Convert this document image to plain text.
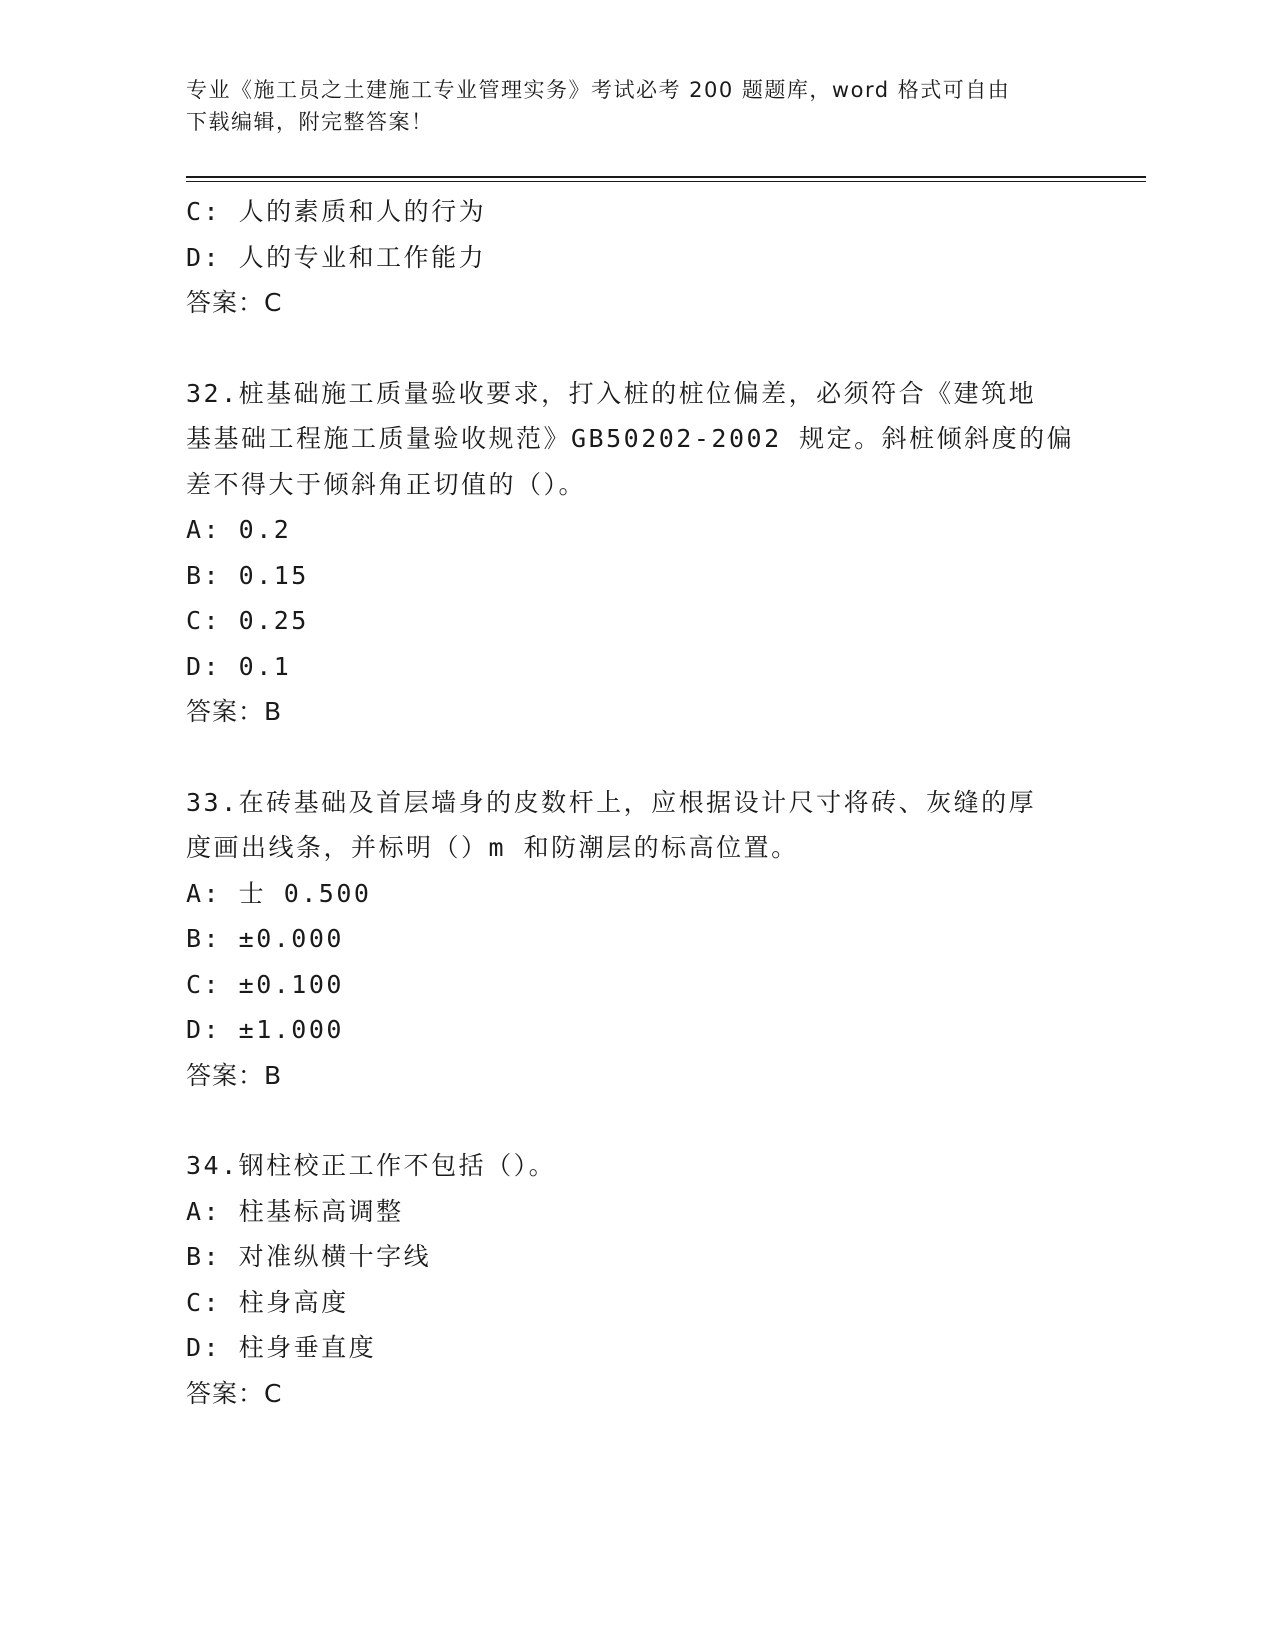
专业《施工员之土建施工专业管理实务》考试必考 200 题题库，word 格式可自由
下载编辑，附完整答案！
C: 人的素质和人的行为
D: 人的专业和工作能力
答案：C
32.桩基础施工质量验收要求，打入桩的桩位偏差，必须符合《建筑地
基基础工程施工质量验收规范》GB50202-2002 规定。斜桩倾斜度的偏
差不得大于倾斜角正切值的（）。
A: 0.2
B: 0.15
C: 0.25
D: 0.1
答案：B
33.在砖基础及首层墙身的皮数杆上，应根据设计尺寸将砖、灰缝的厚
度画出线条，并标明（）m 和防潮层的标高位置。
A: 士 0.500
B: ±0.000
C: ±0.100
D: ±1.000
答案：B
34.钢柱校正工作不包括（）。
A: 柱基标高调整
B: 对准纵横十字线
C: 柱身高度
D: 柱身垂直度
答案：C
